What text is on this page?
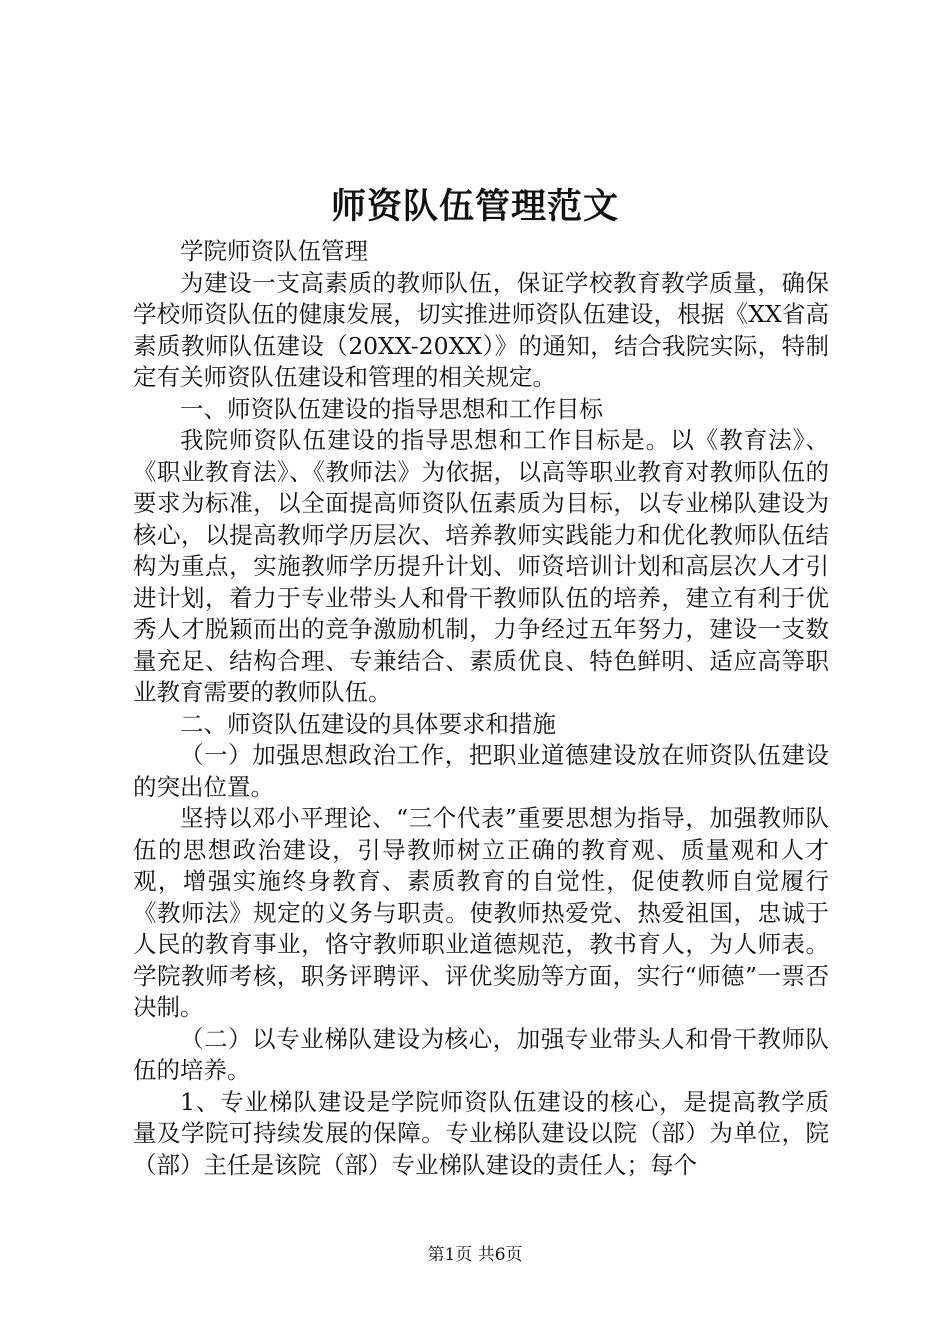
师资队伍管理范文

学院师资队伍管理

为建设一支高素质的教师队伍，保证学校教育教学质量，确保学校师资队伍的健康发展，切实推进师资队伍建设，根据《XX省高素质教师队伍建设（20XX-20XX）》的通知，结合我院实际，特制定有关师资队伍建设和管理的相关规定。

一、师资队伍建设的指导思想和工作目标

我院师资队伍建设的指导思想和工作目标是。以《教育法》、《职业教育法》、《教师法》为依据，以高等职业教育对教师队伍的要求为标准，以全面提高师资队伍素质为目标，以专业梯队建设为核心，以提高教师学历层次、培养教师实践能力和优化教师队伍结构为重点，实施教师学历提升计划、师资培训计划和高层次人才引进计划，着力于专业带头人和骨干教师队伍的培养，建立有利于优秀人才脱颖而出的竞争激励机制，力争经过五年努力，建设一支数量充足、结构合理、专兼结合、素质优良、特色鲜明、适应高等职业教育需要的教师队伍。

二、师资队伍建设的具体要求和措施

（一）加强思想政治工作，把职业道德建设放在师资队伍建设的突出位置。

坚持以邓小平理论、“三个代表”重要思想为指导，加强教师队伍的思想政治建设，引导教师树立正确的教育观、质量观和人才观，增强实施终身教育、素质教育的自觉性，促使教师自觉履行《教师法》规定的义务与职责。使教师热爱党、热爱祖国，忠诚于人民的教育事业，恪守教师职业道德规范，教书育人，为人师表。学院教师考核，职务评聘评、评优奖励等方面，实行“师德”一票否决制。

（二）以专业梯队建设为核心，加强专业带头人和骨干教师队伍的培养。

1、专业梯队建设是学院师资队伍建设的核心，是提高教学质量及学院可持续发展的保障。专业梯队建设以院（部）为单位，院（部）主任是该院（部）专业梯队建设的责任人；每个

第1页 共6页
